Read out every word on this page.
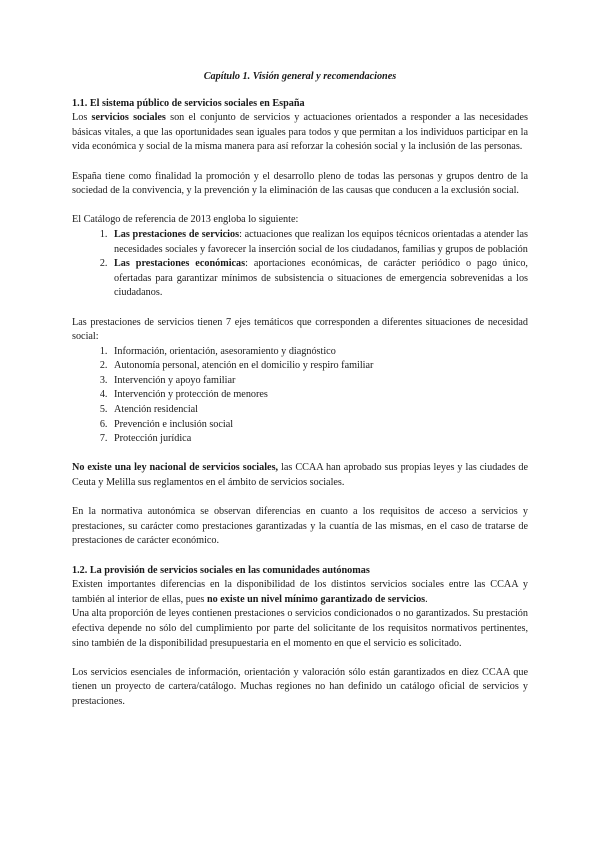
Capítulo 1. Visión general y recomendaciones
1.1. El sistema público de servicios sociales en España

Los servicios sociales son el conjunto de servicios y actuaciones orientados a responder a las necesidades básicas vitales, a que las oportunidades sean iguales para todos y que permitan a los individuos participar en la vida económica y social de la misma manera para así reforzar la cohesión social y la inclusión de las personas.

España tiene como finalidad la promoción y el desarrollo pleno de todas las personas y grupos dentro de la sociedad de la convivencia, y la prevención y la eliminación de las causas que conducen a la exclusión social.

El Catálogo de referencia de 2013 engloba lo siguiente:

1. Las prestaciones de servicios: actuaciones que realizan los equipos técnicos orientadas a atender las necesidades sociales y favorecer la inserción social de los ciudadanos, familias y grupos de población
2. Las prestaciones económicas: aportaciones económicas, de carácter periódico o pago único, ofertadas para garantizar mínimos de subsistencia o situaciones de emergencia sobrevenidas a los ciudadanos.

Las prestaciones de servicios tienen 7 ejes temáticos que corresponden a diferentes situaciones de necesidad social:

1. Información, orientación, asesoramiento y diagnóstico
2. Autonomía personal, atención en el domicilio y respiro familiar
3. Intervención y apoyo familiar
4. Intervención y protección de menores
5. Atención residencial
6. Prevención e inclusión social
7. Protección jurídica

No existe una ley nacional de servicios sociales, las CCAA han aprobado sus propias leyes y las ciudades de Ceuta y Melilla sus reglamentos en el ámbito de servicios sociales.

En la normativa autonómica se observan diferencias en cuanto a los requisitos de acceso a servicios y prestaciones, su carácter como prestaciones garantizadas y la cuantía de las mismas, en el caso de tratarse de prestaciones de carácter económico.

1.2. La provisión de servicios sociales en las comunidades autónomas

Existen importantes diferencias en la disponibilidad de los distintos servicios sociales entre las CCAA y también al interior de ellas, pues no existe un nivel mínimo garantizado de servicios.

Una alta proporción de leyes contienen prestaciones o servicios condicionados o no garantizados. Su prestación efectiva depende no sólo del cumplimiento por parte del solicitante de los requisitos normativos pertinentes, sino también de la disponibilidad presupuestaria en el momento en que el servicio es solicitado.

Los servicios esenciales de información, orientación y valoración sólo están garantizados en diez CCAA que tienen un proyecto de cartera/catálogo. Muchas regiones no han definido un catálogo oficial de servicios y prestaciones.
